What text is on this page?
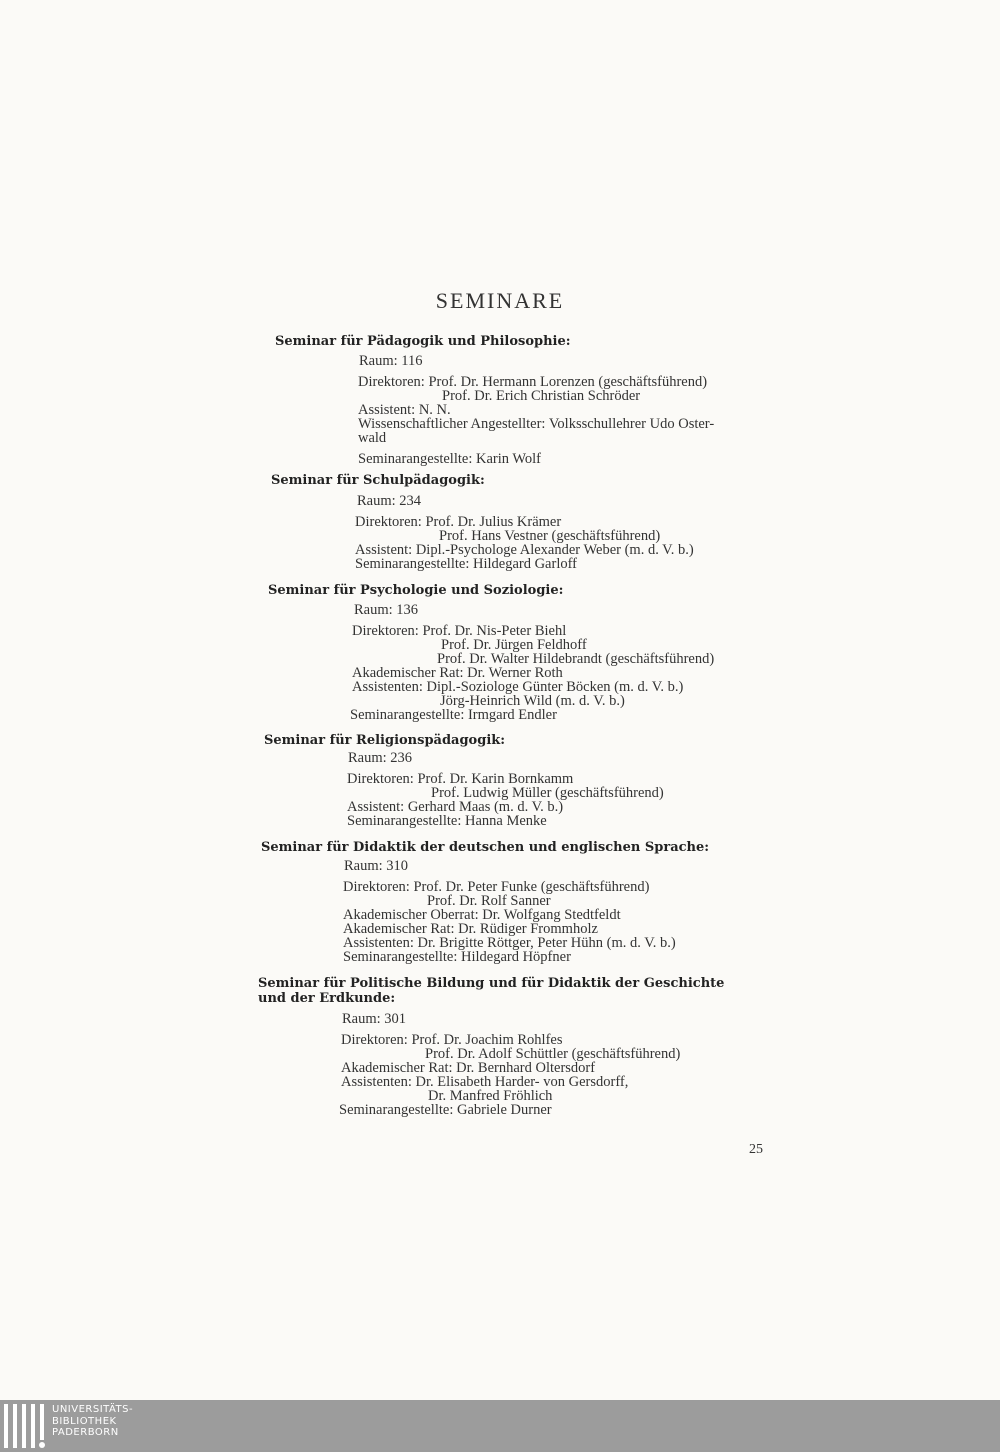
SEMINARE
Seminar für Pädagogik und Philosophie:
Raum: 116
Direktoren: Prof. Dr. Hermann Lorenzen (geschäftsführend)
Prof. Dr. Erich Christian Schröder
Assistent: N. N.
Wissenschaftlicher Angestellter: Volksschullehrer Udo Oster-
wald
Seminarangestellte: Karin Wolf
Seminar für Schulpädagogik:
Raum: 234
Direktoren: Prof. Dr. Julius Krämer
Prof. Hans Vestner (geschäftsführend)
Assistent: Dipl.-Psychologe Alexander Weber (m. d. V. b.)
Seminarangestellte: Hildegard Garloff
Seminar für Psychologie und Soziologie:
Raum: 136
Direktoren: Prof. Dr. Nis-Peter Biehl
Prof. Dr. Jürgen Feldhoff
Prof. Dr. Walter Hildebrandt (geschäftsführend)
Akademischer Rat: Dr. Werner Roth
Assistenten: Dipl.-Soziologe Günter Böcken (m. d. V. b.)
Jörg-Heinrich Wild (m. d. V. b.)
Seminarangestellte: Irmgard Endler
Seminar für Religionspädagogik:
Raum: 236
Direktoren: Prof. Dr. Karin Bornkamm
Prof. Ludwig Müller (geschäftsführend)
Assistent: Gerhard Maas (m. d. V. b.)
Seminarangestellte: Hanna Menke
Seminar für Didaktik der deutschen und englischen Sprache:
Raum: 310
Direktoren: Prof. Dr. Peter Funke (geschäftsführend)
Prof. Dr. Rolf Sanner
Akademischer Oberrat: Dr. Wolfgang Stedtfeldt
Akademischer Rat: Dr. Rüdiger Frommholz
Assistenten: Dr. Brigitte Röttger, Peter Hühn (m. d. V. b.)
Seminarangestellte: Hildegard Höpfner
Seminar für Politische Bildung und für Didaktik der Geschichte
und der Erdkunde:
Raum: 301
Direktoren: Prof. Dr. Joachim Rohlfes
Prof. Dr. Adolf Schüttler (geschäftsführend)
Akademischer Rat: Dr. Bernhard Oltersdorf
Assistenten: Dr. Elisabeth Harder- von Gersdorff,
Dr. Manfred Fröhlich
Seminarangestellte: Gabriele Durner
25
UNIVERSITÄTS-
BIBLIOTHEK
PADERBORN
